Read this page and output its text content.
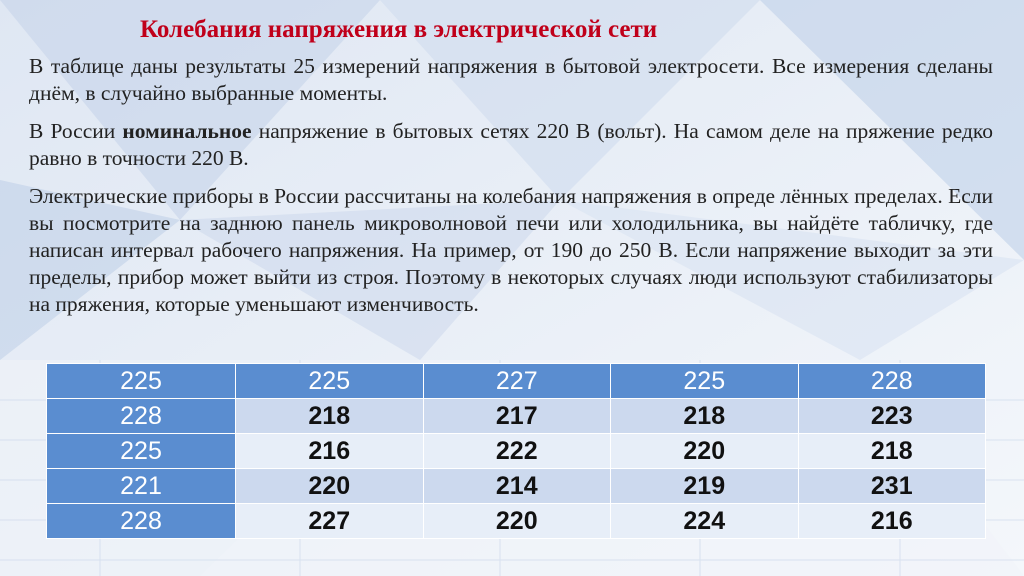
Колебания напряжения в электрической сети

В таблице даны результаты 25 измерений напряжения в бытовой электросети. Все измерения сделаны днём, в случайно выбранные моменты.

В России номинальное напряжение в бытовых сетях 220 В (вольт). На самом деле на пряжение редко равно в точности 220 В.

Электрические приборы в России рассчитаны на колебания напряжения в опреде лённых пределах. Если вы посмотрите на заднюю панель микроволновой печи или холодильника, вы найдёте табличку, где написан интервал рабочего напряжения. На пример, от 190 до 250 В. Если напряжение выходит за эти пределы, прибор может выйти из строя. Поэтому в некоторых случаях люди используют стабилизаторы на пряжения, которые уменьшают изменчивость.

225	225	227	225	228
228	218	217	218	223
225	216	222	220	218
221	220	214	219	231
228	227	220	224	216
